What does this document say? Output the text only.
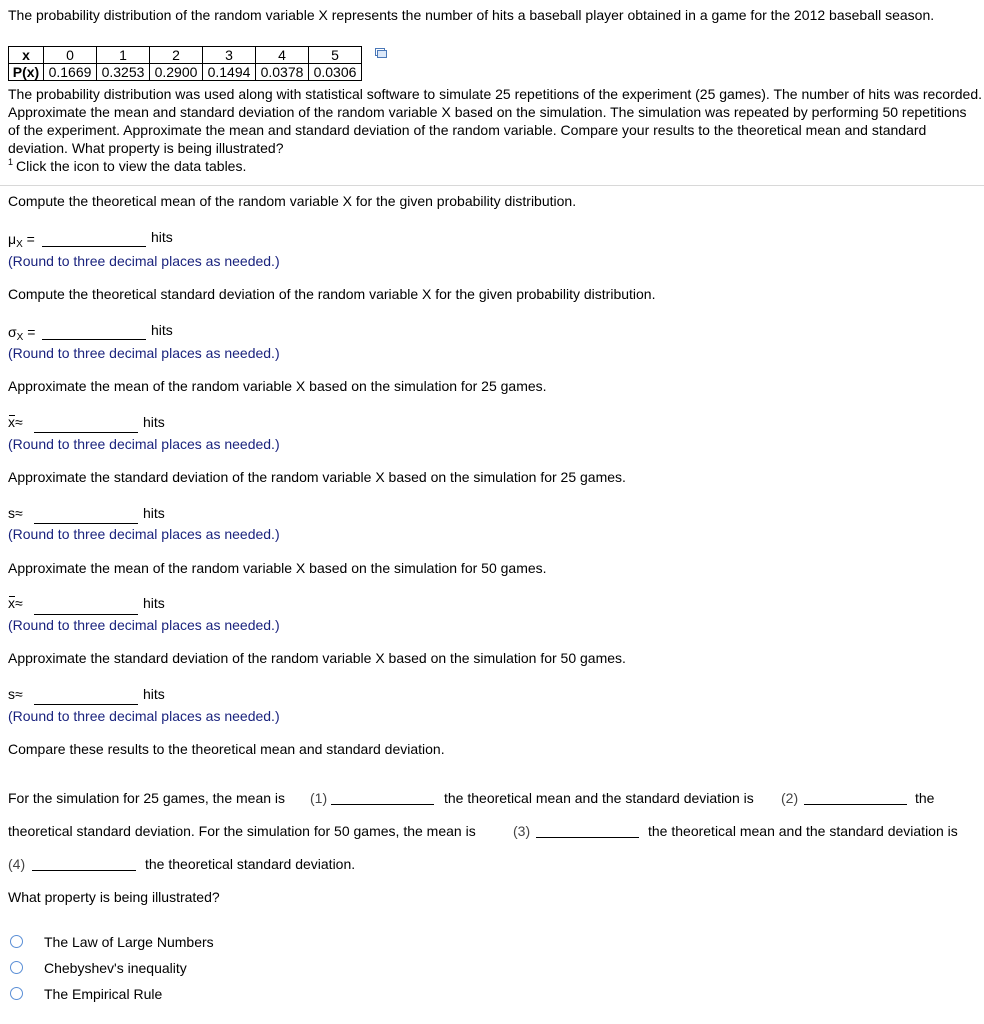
The probability distribution of the random variable X represents the number of hits a baseball player obtained in a game for the 2012 baseball season.
x	0	1	2	3	4	5
P(x)	0.1669	0.3253	0.2900	0.1494	0.0378	0.0306
The probability distribution was used along with statistical software to simulate 25 repetitions of the experiment (25 games). The number of hits was recorded. Approximate the mean and standard deviation of the random variable X based on the simulation. The simulation was repeated by performing 50 repetitions of the experiment. Approximate the mean and standard deviation of the random variable. Compare your results to the theoretical mean and standard deviation. What property is being illustrated?
$^1$ Click the icon to view the data tables.
Compute the theoretical mean of the random variable X for the given probability distribution.
$\mu_X$ =	hits
(Round to three decimal places as needed.)
Compute the theoretical standard deviation of the random variable X for the given probability distribution.
$\sigma_X$ =	hits
(Round to three decimal places as needed.)
Approximate the mean of the random variable X based on the simulation for 25 games.
x≈	hits
(Round to three decimal places as needed.)
Approximate the standard deviation of the random variable X based on the simulation for 25 games.
s≈	hits
(Round to three decimal places as needed.)
Approximate the mean of the random variable X based on the simulation for 50 games.
x≈	hits
(Round to three decimal places as needed.)
Approximate the standard deviation of the random variable X based on the simulation for 50 games.
s≈	hits
(Round to three decimal places as needed.)
Compare these results to the theoretical mean and standard deviation.
For the simulation for 25 games, the mean is (1)	the theoretical mean and the standard deviation is (2)	the
theoretical standard deviation. For the simulation for 50 games, the mean is	(3)	the theoretical mean and the standard deviation is
(4)	the theoretical standard deviation.
What property is being illustrated?
The Law of Large Numbers
Chebyshev's inequality
The Empirical Rule
